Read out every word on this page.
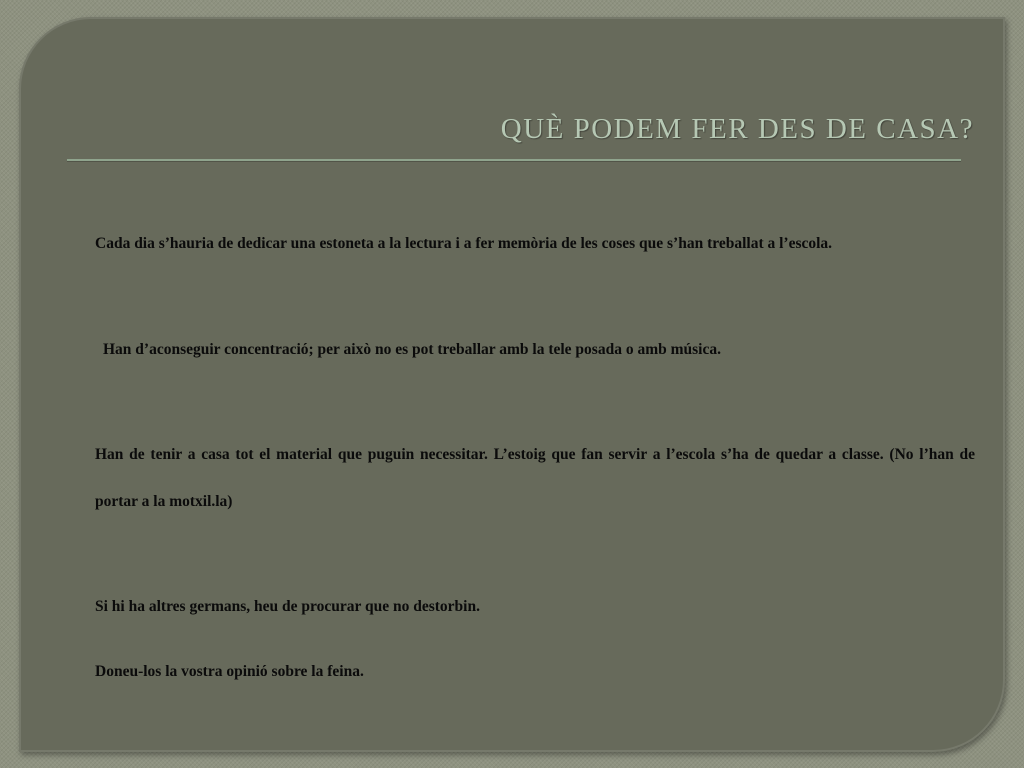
QUÈ PODEM FER DES DE CASA?

Cada dia s’hauria de dedicar una estoneta a la lectura i a fer memòria de les coses que s’han treballat a l’escola.

Han d’aconseguir concentració; per això no es pot treballar amb la tele posada o amb música.

Han de tenir a casa tot el material que puguin necessitar. L’estoig que fan servir a l’escola s’ha de quedar a classe. (No l’han de portar a la motxil.la)

Si hi ha altres germans, heu de procurar que no destorbin.

Doneu-los la vostra opinió sobre la feina.
